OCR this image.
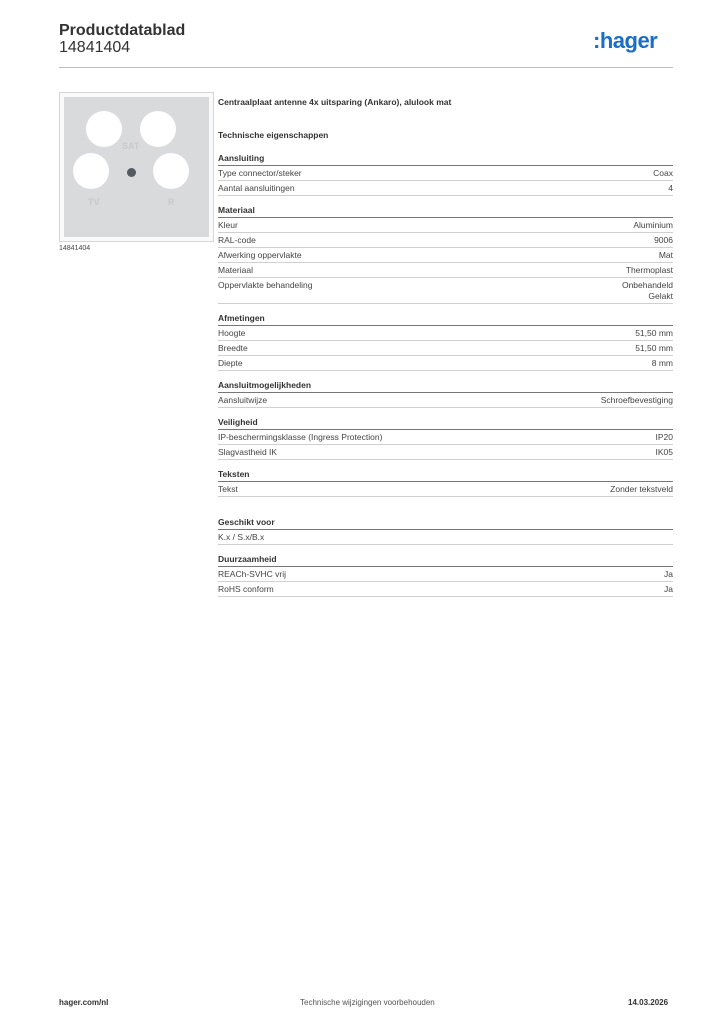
Productdatablad
14841404	:hager
SAT
TV	R
14841404
Centraalplaat antenne 4x uitsparing (Ankaro), alulook mat
Technische eigenschappen
Aansluiting
Type connector/steker	Coax
Aantal aansluitingen	4
Materiaal
Kleur	Aluminium
RAL-code	9006
Afwerking oppervlakte	Mat
Materiaal	Thermoplast
Oppervlakte behandeling	Onbehandeld
Gelakt
Afmetingen
Hoogte	51,50 mm
Breedte	51,50 mm
Diepte	8 mm
Aansluitmogelijkheden
Aansluitwijze	Schroefbevestiging
Veiligheid
IP-beschermingsklasse (Ingress Protection)	IP20
Slagvastheid IK	IK05
Teksten
Tekst	Zonder tekstveld
Geschikt voor
K.x / S.x/B.x
Duurzaamheid
REACh-SVHC vrij	Ja
RoHS conform	Ja
hager.com/nl	Technische wijzigingen voorbehouden	14.03.2026
